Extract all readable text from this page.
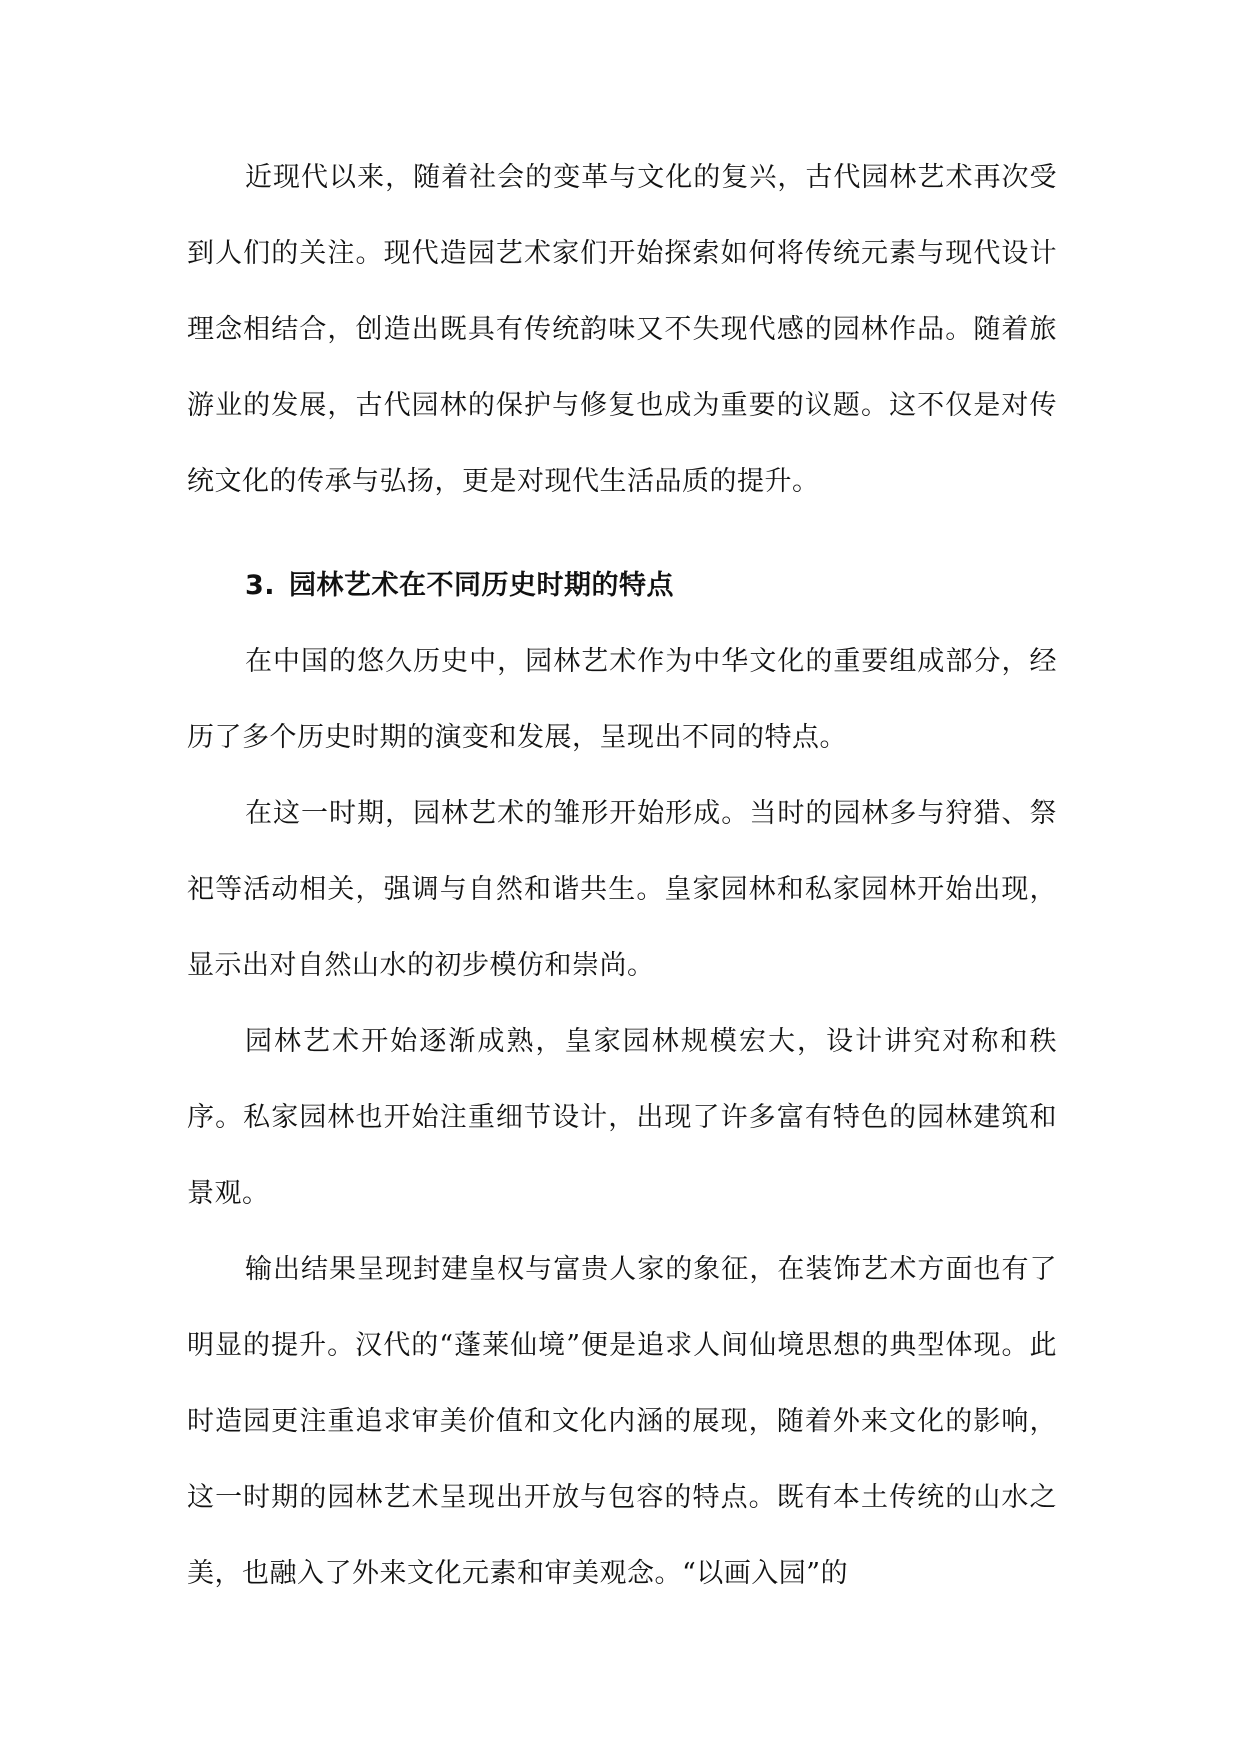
近现代以来，随着社会的变革与文化的复兴，古代园林艺术再次受到人们的关注。现代造园艺术家们开始探索如何将传统元素与现代设计理念相结合，创造出既具有传统韵味又不失现代感的园林作品。随着旅游业的发展，古代园林的保护与修复也成为重要的议题。这不仅是对传统文化的传承与弘扬，更是对现代生活品质的提升。

3. 园林艺术在不同历史时期的特点

在中国的悠久历史中，园林艺术作为中华文化的重要组成部分，经历了多个历史时期的演变和发展，呈现出不同的特点。

在这一时期，园林艺术的雏形开始形成。当时的园林多与狩猎、祭祀等活动相关，强调与自然和谐共生。皇家园林和私家园林开始出现，显示出对自然山水的初步模仿和崇尚。

园林艺术开始逐渐成熟，皇家园林规模宏大，设计讲究对称和秩序。私家园林也开始注重细节设计，出现了许多富有特色的园林建筑和景观。

输出结果呈现封建皇权与富贵人家的象征，在装饰艺术方面也有了明显的提升。汉代的“蓬莱仙境”便是追求人间仙境思想的典型体现。此时造园更注重追求审美价值和文化内涵的展现，随着外来文化的影响，这一时期的园林艺术呈现出开放与包容的特点。既有本土传统的山水之美，也融入了外来文化元素和审美观念。“以画入园”的
